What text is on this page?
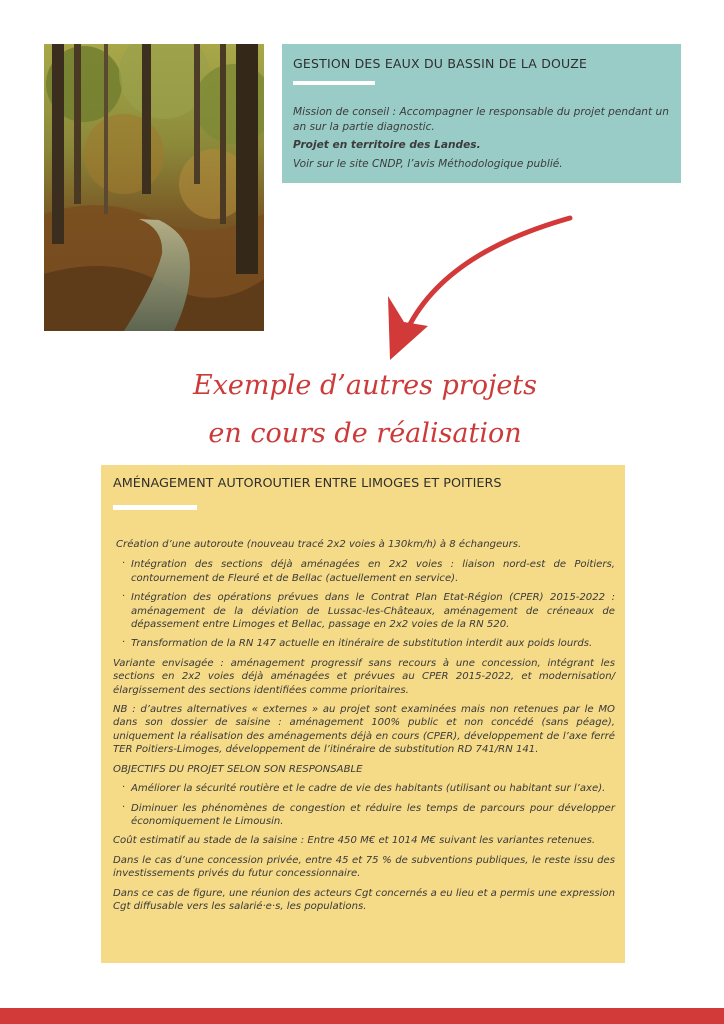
GESTION DES EAUX DU BASSIN DE LA DOUZE

Mission de conseil : Accompagner le responsable du projet pendant un an sur la partie diagnostic.

Projet en territoire des Landes.

Voir sur le site CNDP, l’avis Méthodologique publié.

Exemple d’autres projets
en cours de réalisation
AMÉNAGEMENT AUTOROUTIER ENTRE LIMOGES ET POITIERS

Création d’une autoroute (nouveau tracé 2x2 voies à 130km/h) à 8 échangeurs.

· Intégration des sections déjà aménagées en 2x2 voies : liaison nord-est de Poitiers, contournement de Fleuré et de Bellac (actuellement en service).
· Intégration des opérations prévues dans le Contrat Plan Etat-Région (CPER) 2015-2022 : aménagement de la déviation de Lussac-les-Châteaux, aménagement de créneaux de dépassement entre Limoges et Bellac, passage en 2x2 voies de la RN 520.
· Transformation de la RN 147 actuelle en itinéraire de substitution interdit aux poids lourds.

Variante envisagée : aménagement progressif sans recours à une concession, intégrant les sections en 2x2 voies déjà aménagées et prévues au CPER 2015-2022, et modernisation/élargissement des sections identifiées comme prioritaires.

NB : d’autres alternatives « externes » au projet sont examinées mais non retenues par le MO dans son dossier de saisine : aménagement 100% public et non concédé (sans péage), uniquement la réalisation des aménagements déjà en cours (CPER), développement de l’axe ferré TER Poitiers-Limoges, développement de l’itinéraire de substitution RD 741/RN 141.

OBJECTIFS DU PROJET SELON SON RESPONSABLE

· Améliorer la sécurité routière et le cadre de vie des habitants (utilisant ou habitant sur l’axe).
· Diminuer les phénomènes de congestion et réduire les temps de parcours pour développer économiquement le Limousin.

Coût estimatif au stade de la saisine : Entre 450 M€ et 1014 M€ suivant les variantes retenues.

Dans le cas d’une concession privée, entre 45 et 75 % de subventions publiques, le reste issu des investissements privés du futur concessionnaire.

Dans ce cas de figure, une réunion des acteurs Cgt concernés a eu lieu et a permis une expression Cgt diffusable vers les salarié·e·s, les populations.
